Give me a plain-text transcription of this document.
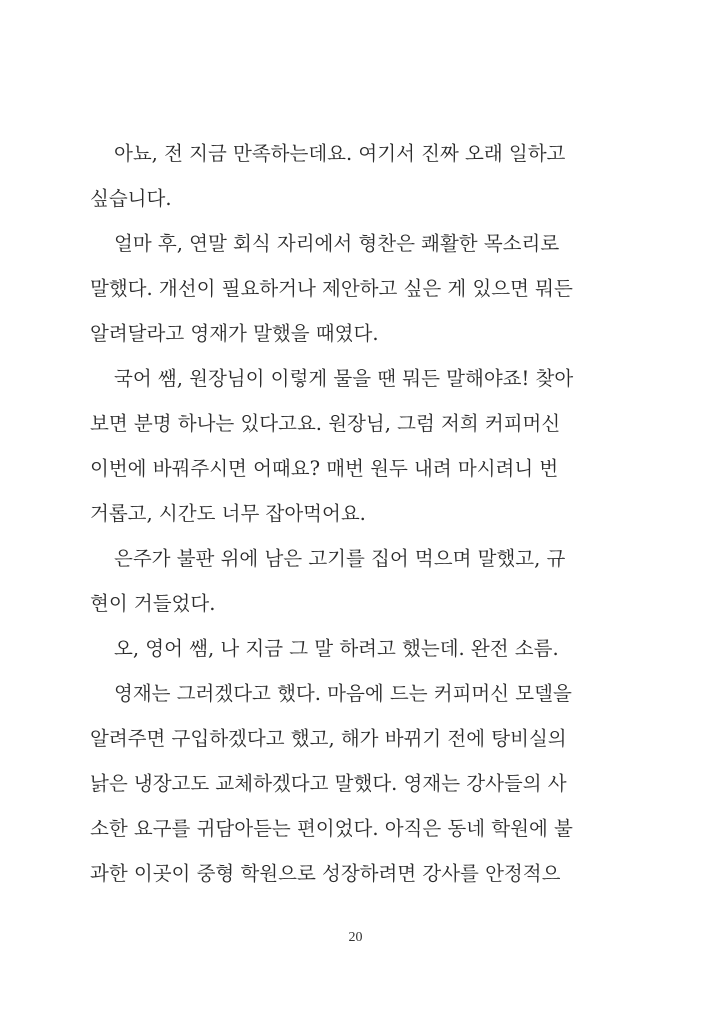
아뇨, 전 지금 만족하는데요. 여기서 진짜 오래 일하고
싶습니다.

얼마 후, 연말 회식 자리에서 형찬은 쾌활한 목소리로
말했다. 개선이 필요하거나 제안하고 싶은 게 있으면 뭐든
알려달라고 영재가 말했을 때였다.

국어 쌤, 원장님이 이렇게 물을 땐 뭐든 말해야죠! 찾아
보면 분명 하나는 있다고요. 원장님, 그럼 저희 커피머신
이번에 바꿔주시면 어때요? 매번 원두 내려 마시려니 번
거롭고, 시간도 너무 잡아먹어요.

은주가 불판 위에 남은 고기를 집어 먹으며 말했고, 규
현이 거들었다.

오, 영어 쌤, 나 지금 그 말 하려고 했는데. 완전 소름.

영재는 그러겠다고 했다. 마음에 드는 커피머신 모델을
알려주면 구입하겠다고 했고, 해가 바뀌기 전에 탕비실의
낡은 냉장고도 교체하겠다고 말했다. 영재는 강사들의 사
소한 요구를 귀담아듣는 편이었다. 아직은 동네 학원에 불
과한 이곳이 중형 학원으로 성장하려면 강사를 안정적으

20
